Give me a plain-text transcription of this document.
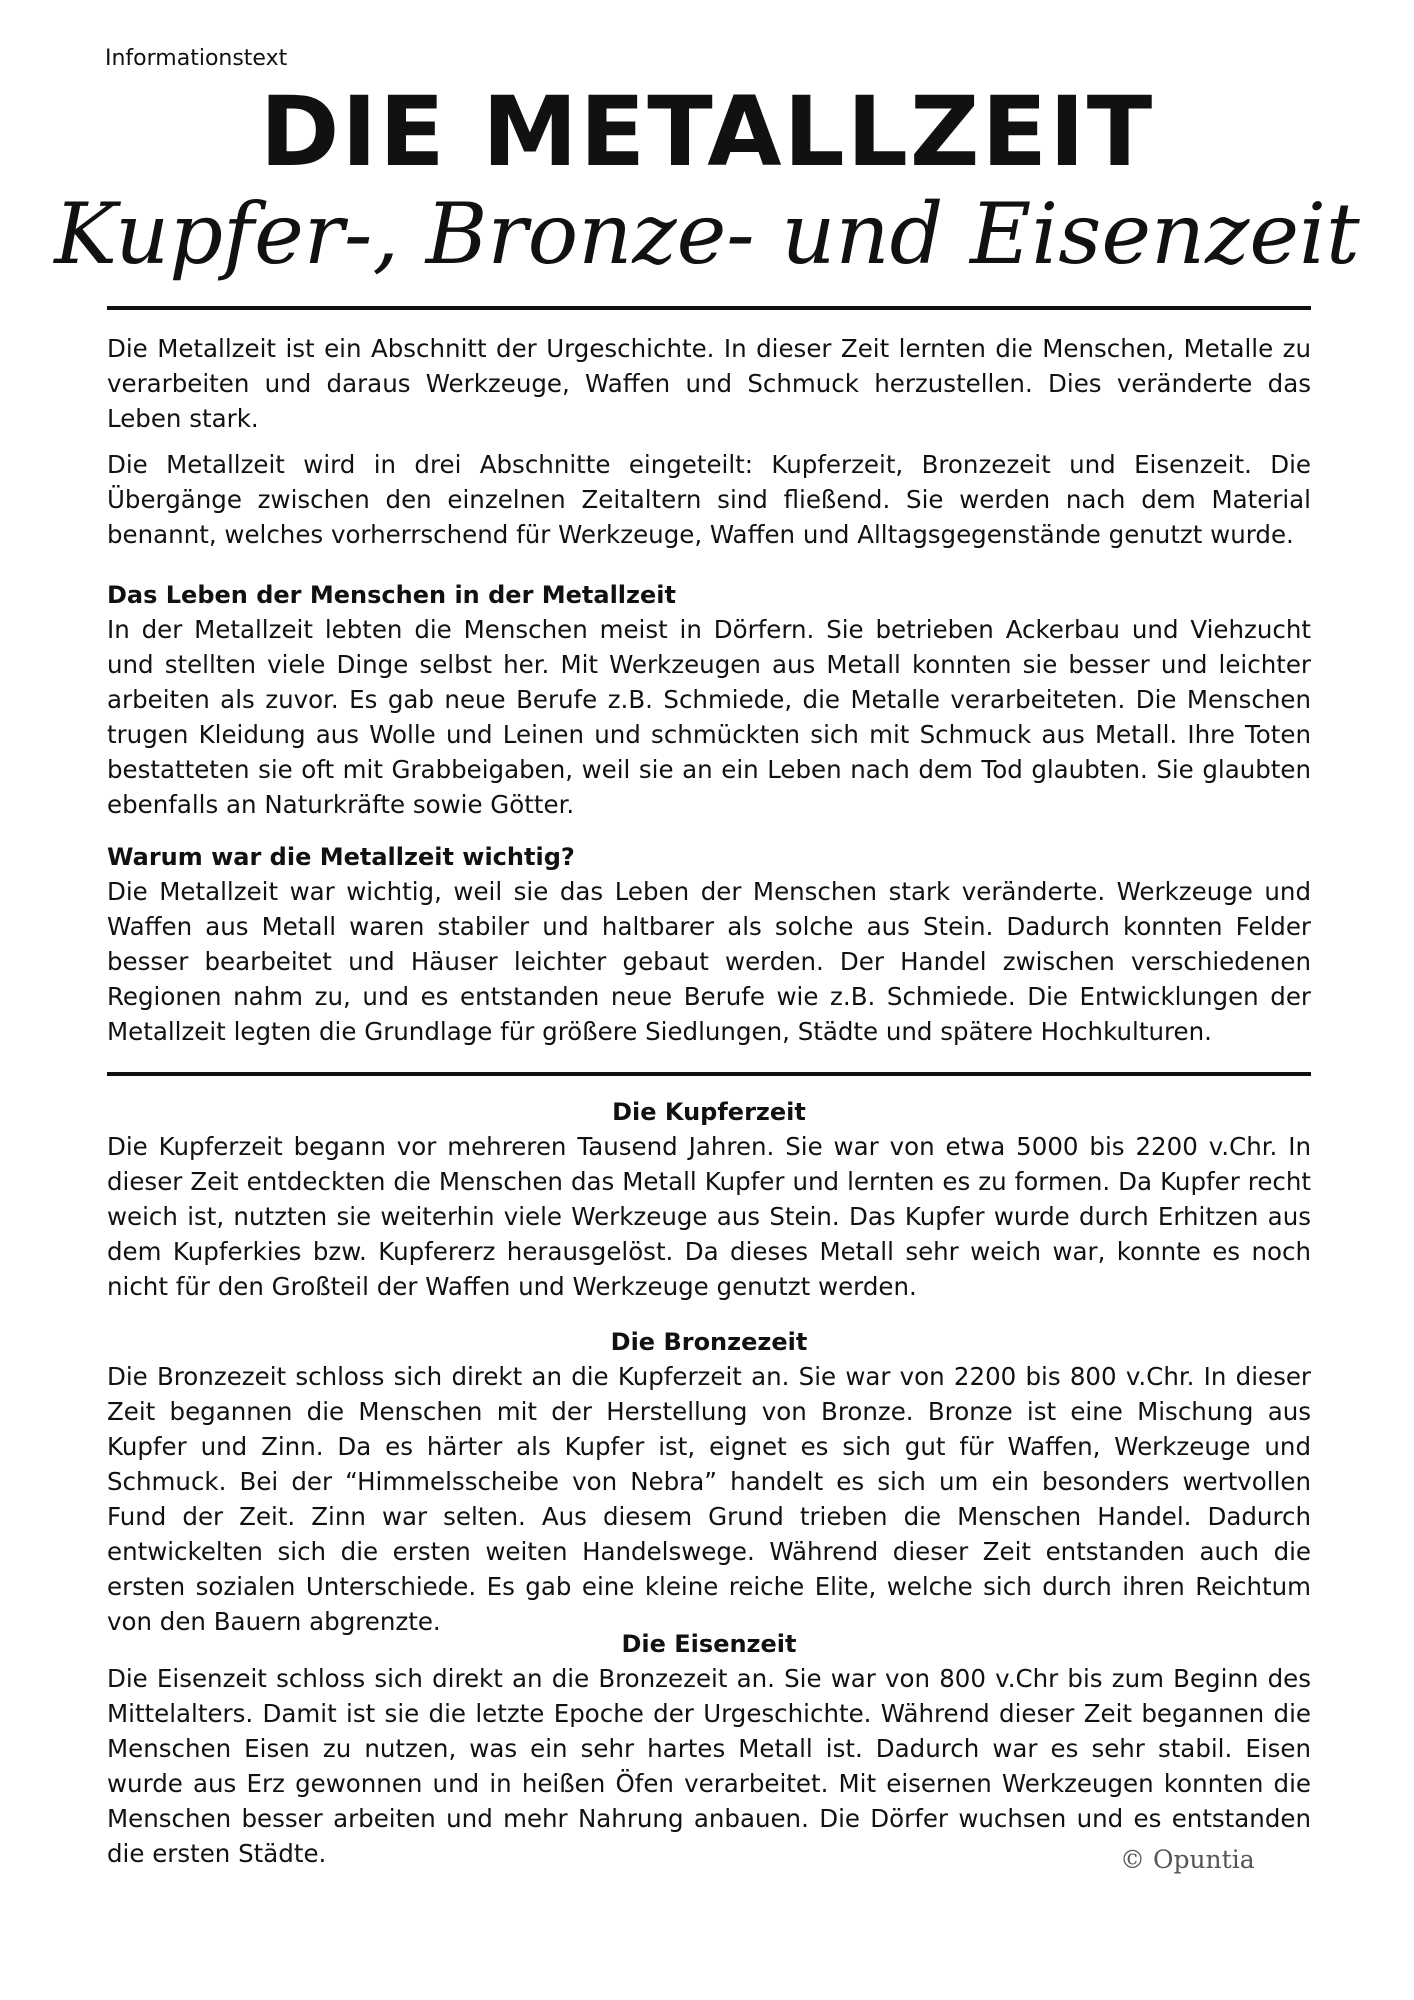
Informationstext
DIE METALLZEIT
Kupfer-, Bronze- und Eisenzeit
Die Metallzeit ist ein Abschnitt der Urgeschichte. In dieser Zeit lernten die Menschen, Metalle zu verarbeiten und daraus Werkzeuge, Waffen und Schmuck herzustellen. Dies veränderte das Leben stark.
Die Metallzeit wird in drei Abschnitte eingeteilt: Kupferzeit, Bronzezeit und Eisenzeit. Die Übergänge zwischen den einzelnen Zeitaltern sind fließend. Sie werden nach dem Material benannt, welches vorherrschend für Werkzeuge, Waffen und Alltagsgegenstände genutzt wurde.
Das Leben der Menschen in der Metallzeit
In der Metallzeit lebten die Menschen meist in Dörfern. Sie betrieben Ackerbau und Viehzucht und stellten viele Dinge selbst her. Mit Werkzeugen aus Metall konnten sie besser und leichter arbeiten als zuvor. Es gab neue Berufe z.B. Schmiede, die Metalle verarbeiteten. Die Menschen trugen Kleidung aus Wolle und Leinen und schmückten sich mit Schmuck aus Metall. Ihre Toten bestatteten sie oft mit Grabbeigaben, weil sie an ein Leben nach dem Tod glaubten. Sie glaubten ebenfalls an Naturkräfte sowie Götter.
Warum war die Metallzeit wichtig?
Die Metallzeit war wichtig, weil sie das Leben der Menschen stark veränderte. Werkzeuge und Waffen aus Metall waren stabiler und haltbarer als solche aus Stein. Dadurch konnten Felder besser bearbeitet und Häuser leichter gebaut werden. Der Handel zwischen verschiedenen Regionen nahm zu, und es entstanden neue Berufe wie z.B. Schmiede. Die Entwicklungen der Metallzeit legten die Grundlage für größere Siedlungen, Städte und spätere Hochkulturen.
Die Kupferzeit
Die Kupferzeit begann vor mehreren Tausend Jahren. Sie war von etwa 5000 bis 2200 v.Chr. In dieser Zeit entdeckten die Menschen das Metall Kupfer und lernten es zu formen. Da Kupfer recht weich ist, nutzten sie weiterhin viele Werkzeuge aus Stein. Das Kupfer wurde durch Erhitzen aus dem Kupferkies bzw. Kupfererz herausgelöst. Da dieses Metall sehr weich war, konnte es noch nicht für den Großteil der Waffen und Werkzeuge genutzt werden.
Die Bronzezeit
Die Bronzezeit schloss sich direkt an die Kupferzeit an. Sie war von 2200 bis 800 v.Chr. In dieser Zeit begannen die Menschen mit der Herstellung von Bronze. Bronze ist eine Mischung aus Kupfer und Zinn. Da es härter als Kupfer ist, eignet es sich gut für Waffen, Werkzeuge und Schmuck. Bei der “Himmelsscheibe von Nebra” handelt es sich um ein besonders wertvollen Fund der Zeit. Zinn war selten. Aus diesem Grund trieben die Menschen Handel. Dadurch entwickelten sich die ersten weiten Handelswege. Während dieser Zeit entstanden auch die ersten sozialen Unterschiede. Es gab eine kleine reiche Elite, welche sich durch ihren Reichtum von den Bauern abgrenzte.
Die Eisenzeit
Die Eisenzeit schloss sich direkt an die Bronzezeit an. Sie war von 800 v.Chr bis zum Beginn des Mittelalters. Damit ist sie die letzte Epoche der Urgeschichte. Während dieser Zeit begannen die Menschen Eisen zu nutzen, was ein sehr hartes Metall ist. Dadurch war es sehr stabil. Eisen wurde aus Erz gewonnen und in heißen Öfen verarbeitet. Mit eisernen Werkzeugen konnten die Menschen besser arbeiten und mehr Nahrung anbauen. Die Dörfer wuchsen und es entstanden die ersten Städte.	© Opuntia
